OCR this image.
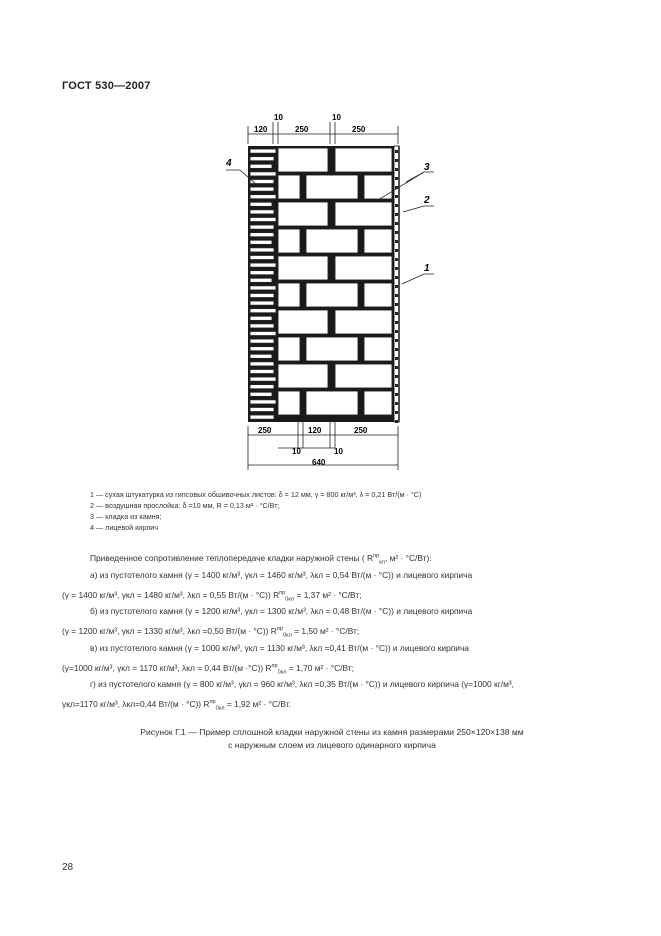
ГОСТ 530—2007
120
10
250
10
250
250	120	250
10	10
640
4	3
2
1
1 — сухая штукатурка из гипсовых обшивочных листов: δ = 12 мм, γ = 800 кг/м³, λ = 0,21 Вт/(м · °С)
2 — воздушная прослойка: δ =10 мм, R = 0,13 м² · °С/Вт;
3 — кладка из камня;
4 — лицевой кирпич
Приведенное сопротивление теплопередаче кладки наружной стены ( $R^{пр}_{кл}$, м² · °С/Вт):
а) из пустотелого камня (γ = 1400 кг/м³, γкл = 1460 кг/м³, λкл = 0,54 Вт/(м · °С)) и лицевого кирпича
(γ = 1400 кг/м³, γкл = 1480 кг/м³, λкл = 0,55 Вт/(м · °С)) $R^{пр}_{0кл} = 1,37$ м² · °С/Вт;
б) из пустотелого камня (γ = 1200 кг/м³, γкл = 1300 кг/м³, λкл = 0,48 Вт/(м · °С)) и лицевого кирпича
(γ = 1200 кг/м³, γкл = 1330 кг/м³, λкл =0,50 Вт/(м · °С)) $R^{пр}_{0кл} = 1,50$ м² · °С/Вт;
в) из пустотелого камня (γ = 1000 кг/м³, γкл = 1130 кг/м³, λкл =0,41 Вт/(м · °С)) и лицевого кирпича
(γ=1000 кг/м³, γкл = 1170 кг/м³, λкл = 0,44 Вт/(м ·°С)) $R^{пр}_{0кл} = 1,70$ м² · °С/Вт;
г) из пустотелого камня (γ = 800 кг/м³, γкл = 960 кг/м³, λкл =0,35 Вт/(м · °С)) и лицевого кирпича (γ=1000 кг/м³,
γкл=1170 кг/м³, λкл=0,44 Вт/(м · °С)) $R^{пр}_{0кл} = 1,92$ м² · °С/Вт.
Рисунок Г.1 — Пример сплошной кладки наружной стены из камня размерами 250×120×138 мм
с наружным слоем из лицевого одинарного кирпича
28
